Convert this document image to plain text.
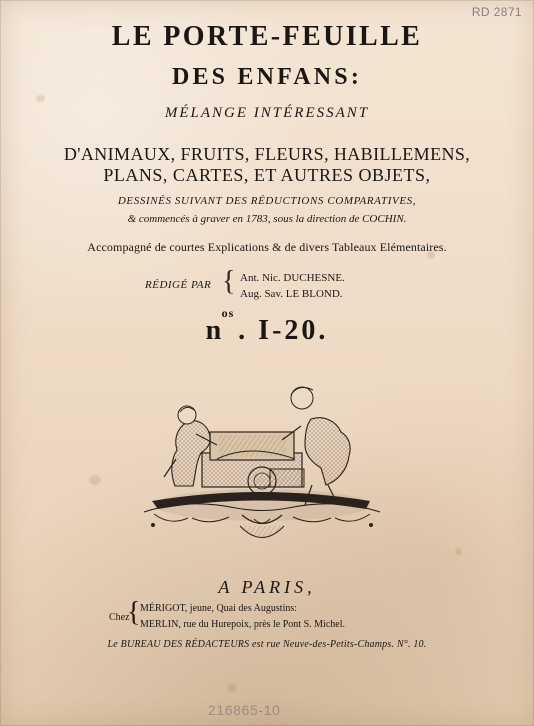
RD 2871

LE PORTE-FEUILLE
DES ENFANS:

MÉLANGE INTÉRESSANT

D'ANIMAUX, FRUITS, FLEURS, HABILLEMENS,

PLANS, CARTES, ET AUTRES OBJETS,

DESSINÉS SUIVANT DES RÉDUCTIONS COMPARATIVES,

& commencés à graver en 1783, sous la direction de COCHIN.

Accompagné de courtes Explications & de divers Tableaux Elémentaires.

RÉDIGÉ PAR { Ant. Nic. DUCHESNE.

Aug. Sav. LE BLOND.

n
os
. I-20.

A PARIS,

Chez

{ MÉRIGOT, jeune, Quai des Augustins:

MERLIN, rue du Hurepoix, près le Pont S. Michel.

Le BUREAU DES RÉDACTEURS est rue Neuve-des-Petits-Champs. N°. 10.

216865-10
